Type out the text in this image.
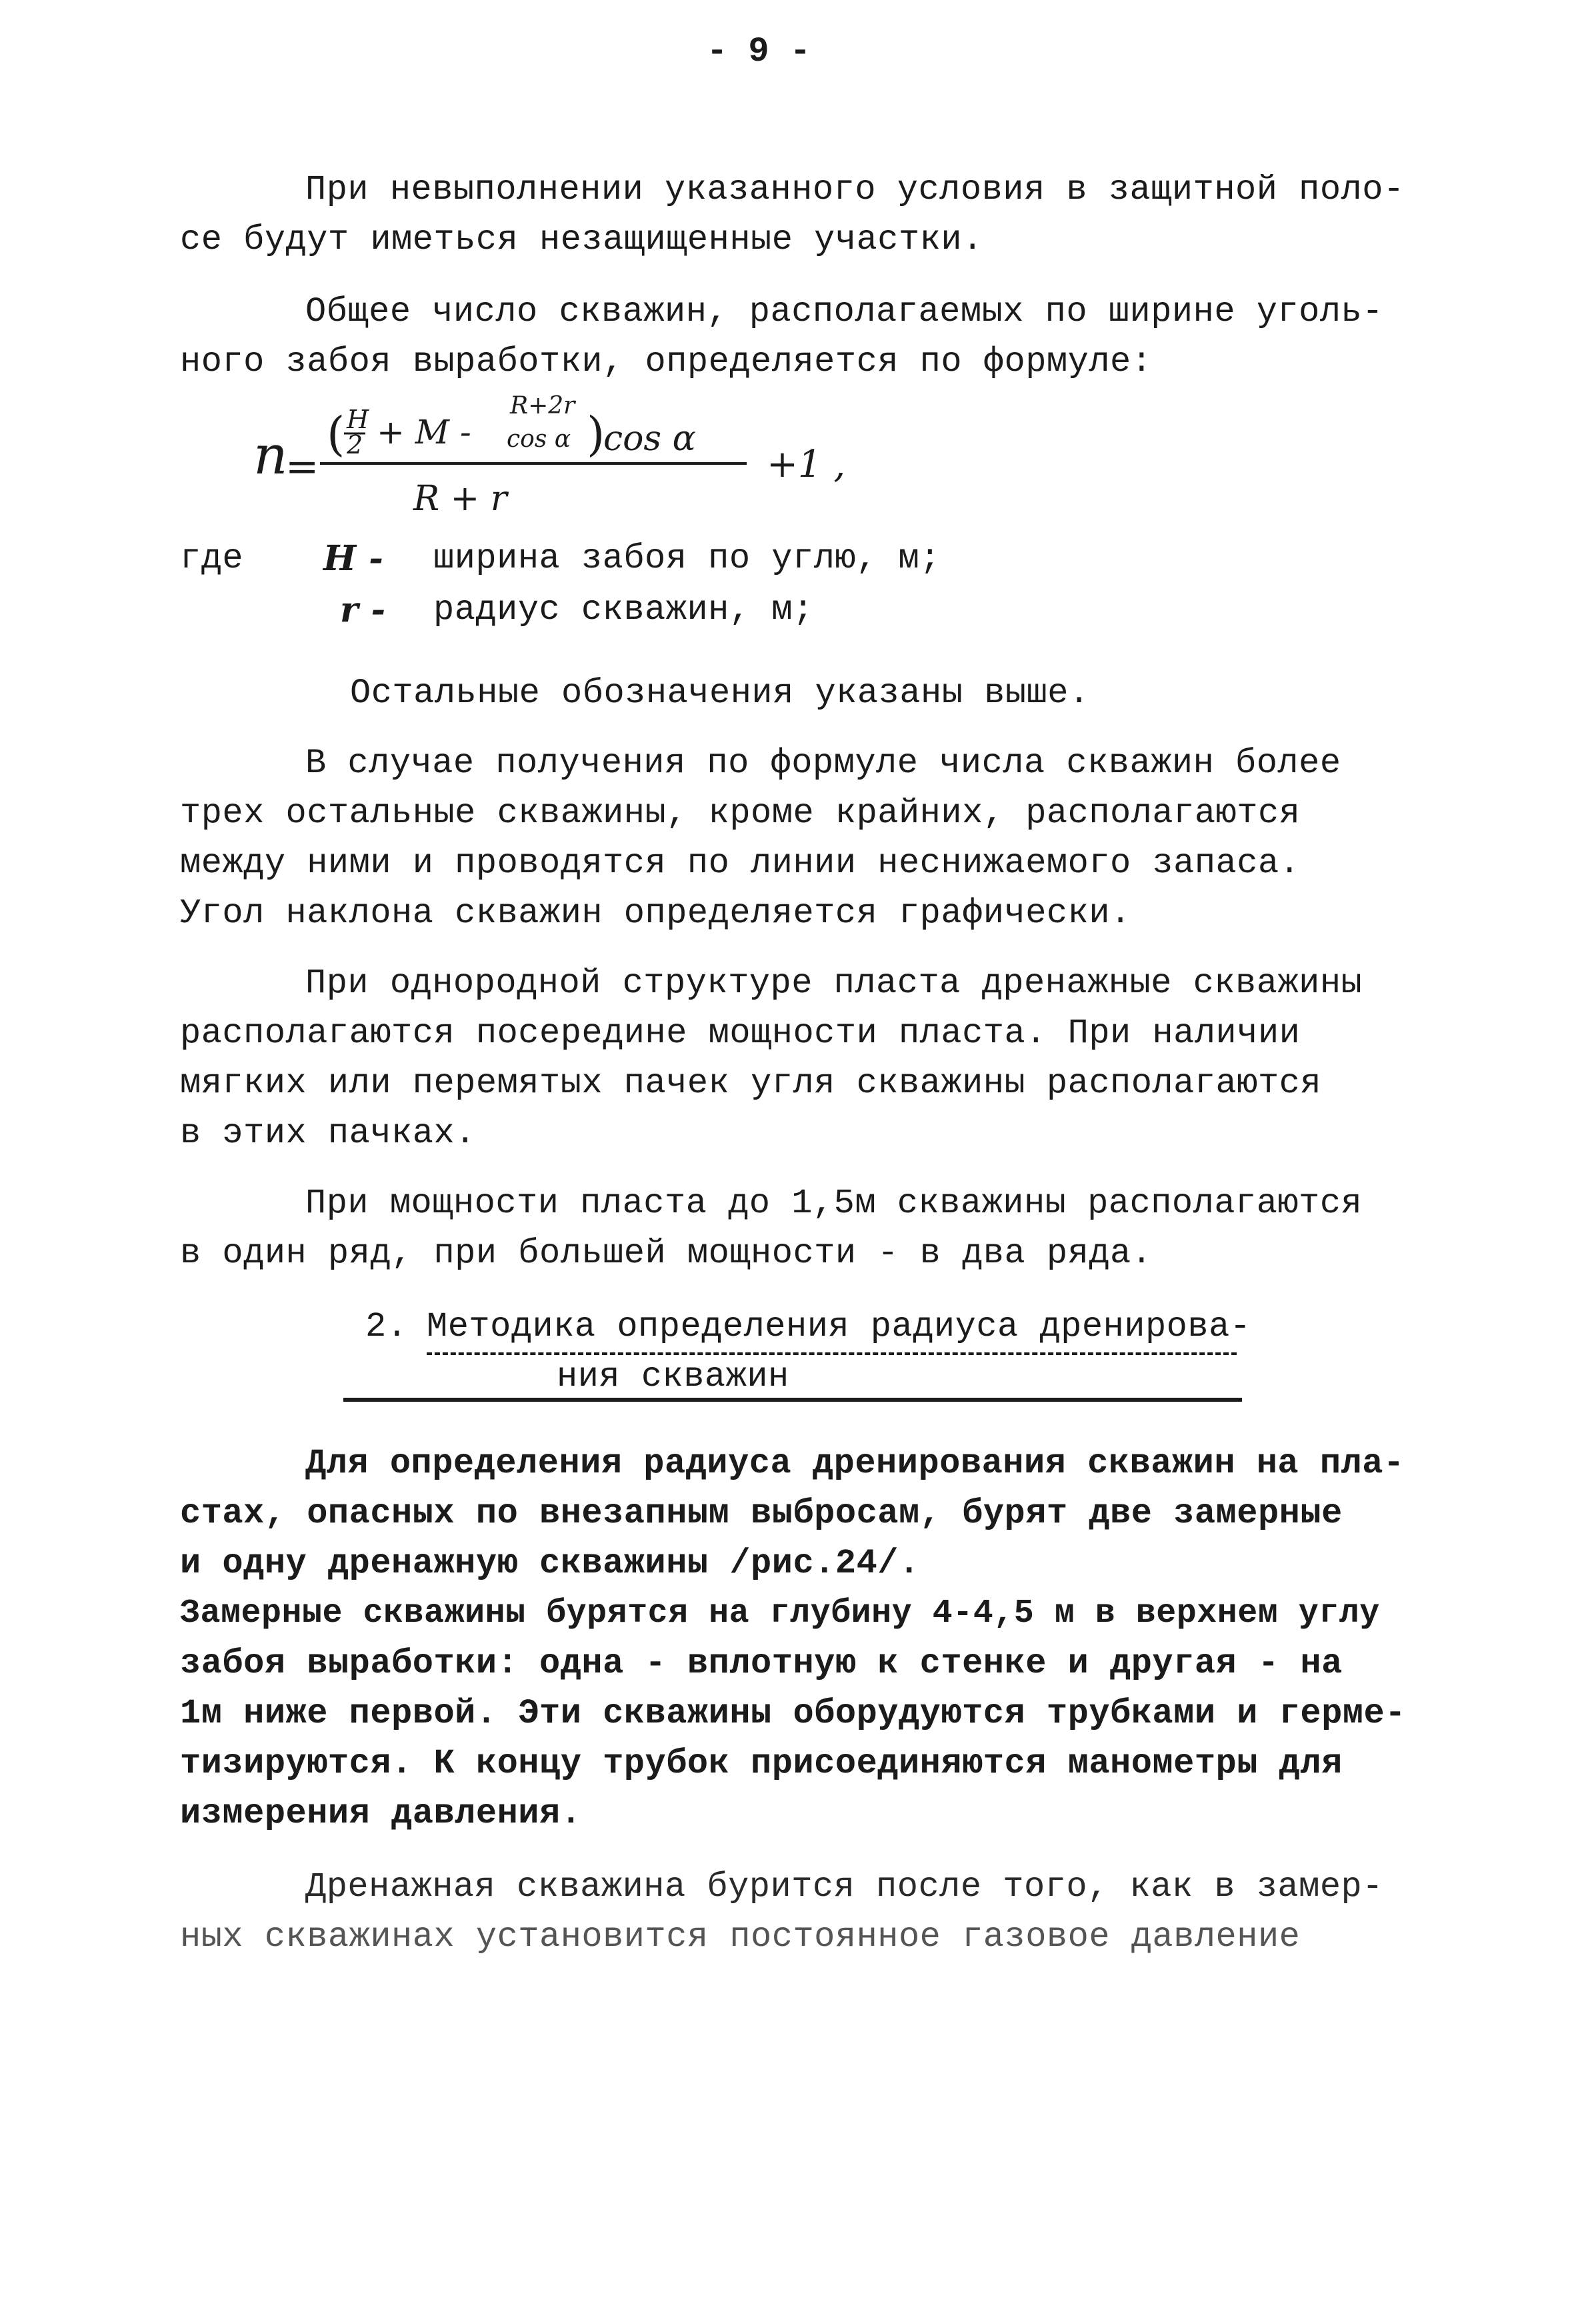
- 9 -
При невыполнении указанного условия в защитной поло-
се будут иметься незащищенные участки.
Общее число скважин, располагаемых по ширине уголь-
ного забоя выработки, определяется по формуле:
n
=
( H
2 + M -
R+2r
cos α )
cos α
R + r
+1 ,
где H - ширина забоя по углю, м;
r - радиус скважин, м;
Остальные обозначения указаны выше.
В случае получения по формуле числа скважин более
трех остальные скважины, кроме крайних, располагаются
между ними и проводятся по линии неснижаемого запаса.
Угол наклона скважин определяется графически.
При однородной структуре пласта дренажные скважины
располагаются посередине мощности пласта. При наличии
мягких или перемятых пачек угля скважины располагаются
в этих пачках.
При мощности пласта до 1,5м скважины располагаются
в один ряд, при большей мощности - в два ряда.
2. Методика определения радиуса дренирова-
ния скважин
Для определения радиуса дренирования скважин на пла-
стах, опасных по внезапным выбросам, бурят две замерные
и одну дренажную скважины /рис.24/.
Замерные скважины бурятся на глубину 4-4,5 м в верхнем углу
забоя выработки: одна - вплотную к стенке и другая - на
1м ниже первой. Эти скважины оборудуются трубками и герме-
тизируются. К концу трубок присоединяются манометры для
измерения давления.
Дренажная скважина бурится после того, как в замер-
ных скважинах установится постоянное газовое давление
